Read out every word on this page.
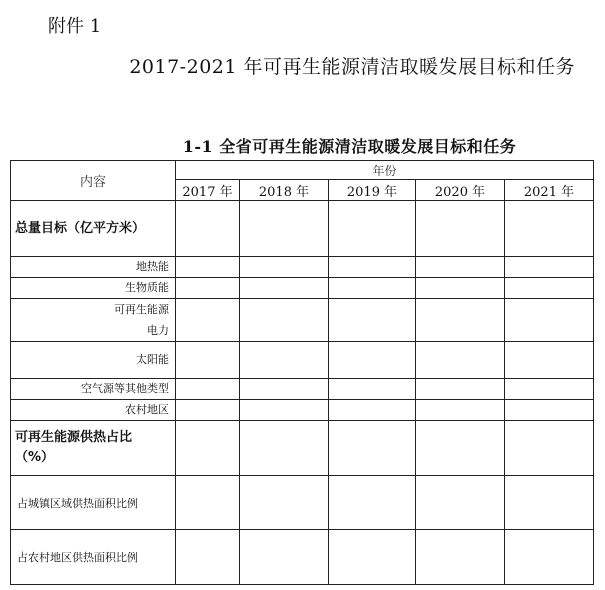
附件 1
2017-2021 年可再生能源清洁取暖发展目标和任务
1-1 全省可再生能源清洁取暖发展目标和任务
内容	年份				
	2017 年	2018 年	2019 年	2020 年	2021 年
总量目标（亿平方米）					
地热能					
生物质能					

可再生能源
电力					

太阳能					
空气源等其他类型					
农村地区					

可再生能源供热占比
（%）					

占城镇区域供热面积比例					
占农村地区供热面积比例					
